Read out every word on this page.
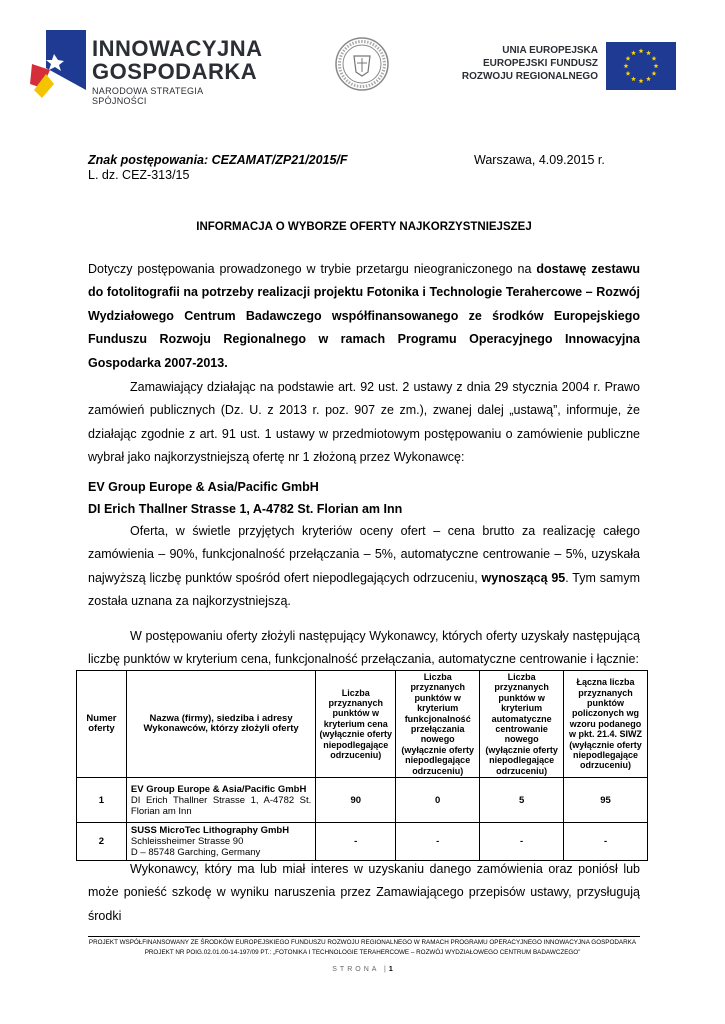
INNOWACYJNA
GOSPODARKA
NARODOWA STRATEGIA SPÓJNOŚCI
UNIA EUROPEJSKA
EUROPEJSKI FUNDUSZ
ROZWOJU REGIONALNEGO
Znak postępowania: CEZAMAT/ZP21/2015/F	Warszawa, 4.09.2015 r.
L. dz. CEZ-313/15
INFORMACJA O WYBORZE OFERTY NAJKORZYSTNIEJSZEJ
Dotyczy postępowania prowadzonego w trybie przetargu nieograniczonego na dostawę zestawu do fotolitografii na potrzeby realizacji projektu Fotonika i Technologie Terahercowe – Rozwój Wydziałowego Centrum Badawczego współfinansowanego ze środków Europejskiego Funduszu Rozwoju Regionalnego w ramach Programu Operacyjnego Innowacyjna Gospodarka 2007-2013.
Zamawiający działając na podstawie art. 92 ust. 2 ustawy z dnia 29 stycznia 2004 r. Prawo zamówień publicznych (Dz. U. z 2013 r. poz. 907 ze zm.), zwanej dalej „ustawą”, informuje, że działając zgodnie z art. 91 ust. 1 ustawy w przedmiotowym postępowaniu o zamówienie publiczne wybrał jako najkorzystniejszą ofertę nr 1 złożoną przez Wykonawcę:
EV Group Europe & Asia/Pacific GmbH
DI Erich Thallner Strasse 1, A-4782 St. Florian am Inn
Oferta, w świetle przyjętych kryteriów oceny ofert – cena brutto za realizację całego zamówienia – 90%, funkcjonalność przełączania – 5%, automatyczne centrowanie – 5%, uzyskała najwyższą liczbę punktów spośród ofert niepodlegających odrzuceniu, wynoszącą 95. Tym samym została uznana za najkorzystniejszą.
W postępowaniu oferty złożyli następujący Wykonawcy, których oferty uzyskały następującą liczbę punktów w kryterium cena, funkcjonalność przełączania, automatyczne centrowanie i łącznie:
Numer oferty	Nazwa (firmy), siedziba i adresy Wykonawców, którzy złożyli oferty	Liczba przyznanych punktów w kryterium cena (wyłącznie oferty niepodlegające odrzuceniu)	Liczba przyznanych punktów w kryterium funkcjonalność przełączania nowego (wyłącznie oferty niepodlegające odrzuceniu)	Liczba przyznanych punktów w kryterium automatyczne centrowanie nowego (wyłącznie oferty niepodlegające odrzuceniu)	Łączna liczba przyznanych punktów policzonych wg wzoru podanego w pkt. 21.4. SIWZ (wyłącznie oferty niepodlegające odrzuceniu)
1	EV Group Europe & Asia/Pacific GmbH
DI Erich Thallner Strasse 1, A-4782 St. Florian am Inn	90	0	5	95
2	SUSS MicroTec Lithography GmbH
Schleissheimer Strasse 90
D – 85748 Garching, Germany	-	-	-	-
Wykonawcy, który ma lub miał interes w uzyskaniu danego zamówienia oraz poniósł lub może ponieść szkodę w wyniku naruszenia przez Zamawiającego przepisów ustawy, przysługują środki
PROJEKT WSPÓŁFINANSOWANY ZE ŚRODKÓW EUROPEJSKIEGO FUNDUSZU ROZWOJU REGIONALNEGO W RAMACH PROGRAMU OPERACYJNEGO INNOWACYJNA GOSPODARKA
PROJEKT NR POIG.02.01.00-14-197/09 PT.: „FOTONIKA I TECHNOLOGIE TERAHERCOWE – ROZWÓJ WYDZIAŁOWEGO CENTRUM BADAWCZEGO”
STRONA |1
